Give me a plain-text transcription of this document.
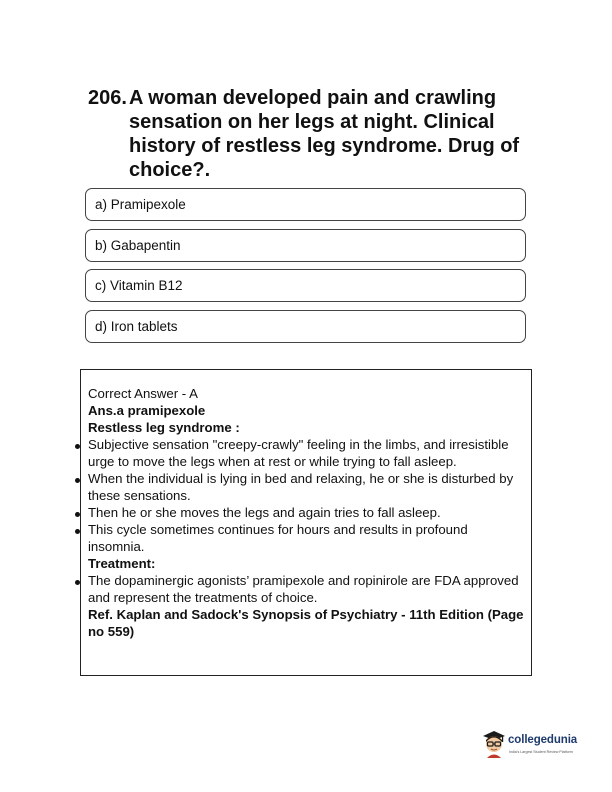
206. A woman developed pain and crawling sensation on her legs at night. Clinical history of restless leg syndrome. Drug of choice?.
a) Pramipexole
b) Gabapentin
c) Vitamin B12
d) Iron tablets
Correct Answer - A
Ans.a pramipexole
Restless leg syndrome :
Subjective sensation "creepy-crawly" feeling in the limbs, and irresistible urge to move the legs when at rest or while trying to fall asleep.
When the individual is lying in bed and relaxing, he or she is disturbed by these sensations.
Then he or she moves the legs and again tries to fall asleep.
This cycle sometimes continues for hours and results in profound insomnia.
Treatment:
The dopaminergic agonists’ pramipexole and ropinirole are FDA approved and represent the treatments of choice.
Ref. Kaplan and Sadock's Synopsis of Psychiatry - 11th Edition (Page no 559)
collegedunia
India's Largest Student Review Platform
